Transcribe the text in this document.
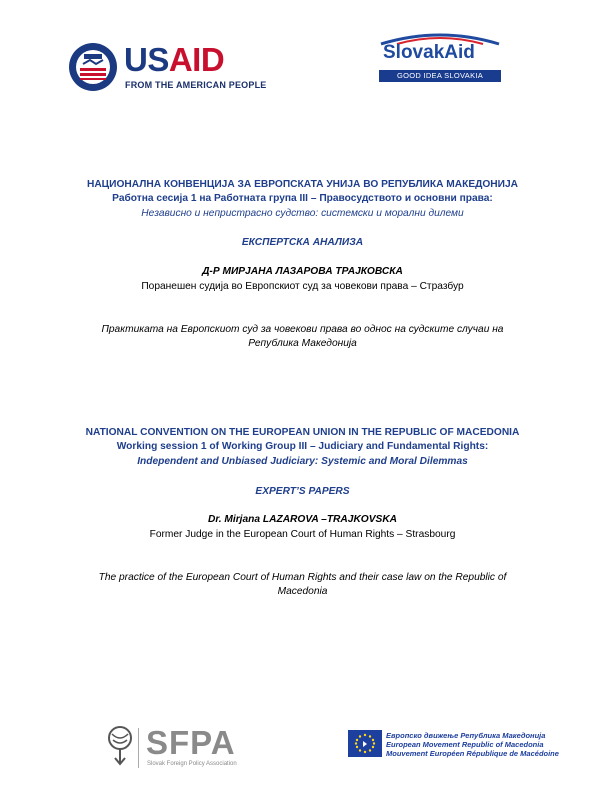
USAID
FROM THE AMERICAN PEOPLE
SlovakAid
GOOD IDEA SLOVAKIA
НАЦИОНАЛНА КОНВЕНЦИЈА ЗА ЕВРОПСКАТА УНИЈА ВО РЕПУБЛИКА МАКЕДОНИЈА
Работна сесија 1 на Работната група III – Правосудството и основни права:
Независно и непристрасно судство: системски и морални дилеми
ЕКСПЕРТСКА АНАЛИЗА
Д-Р МИРЈАНА ЛАЗАРОВА ТРАЈКОВСКА
Поранешен судија во Европскиот суд за човекови права – Стразбур
Практиката на Европскиот суд за човекови права во однос на судските случаи на
Република Македонија
NATIONAL CONVENTION ON THE EUROPEAN UNION IN THE REPUBLIC OF MACEDONIA
Working session 1 of Working Group III – Judiciary and Fundamental Rights:
Independent and Unbiased Judiciary: Systemic and Moral Dilemmas
EXPERT’S PAPERS
Dr. Mirjana LAZAROVA –TRAJKOVSKA
Former Judge in the European Court of Human Rights – Strasbourg
The practice of the European Court of Human Rights and their case law on the Republic of
Macedonia
SFPA
Slovak Foreign Policy Association
Европско движење Република Македонија
European Movement Republic of Macedonia
Mouvement Européen République de Macédoine
